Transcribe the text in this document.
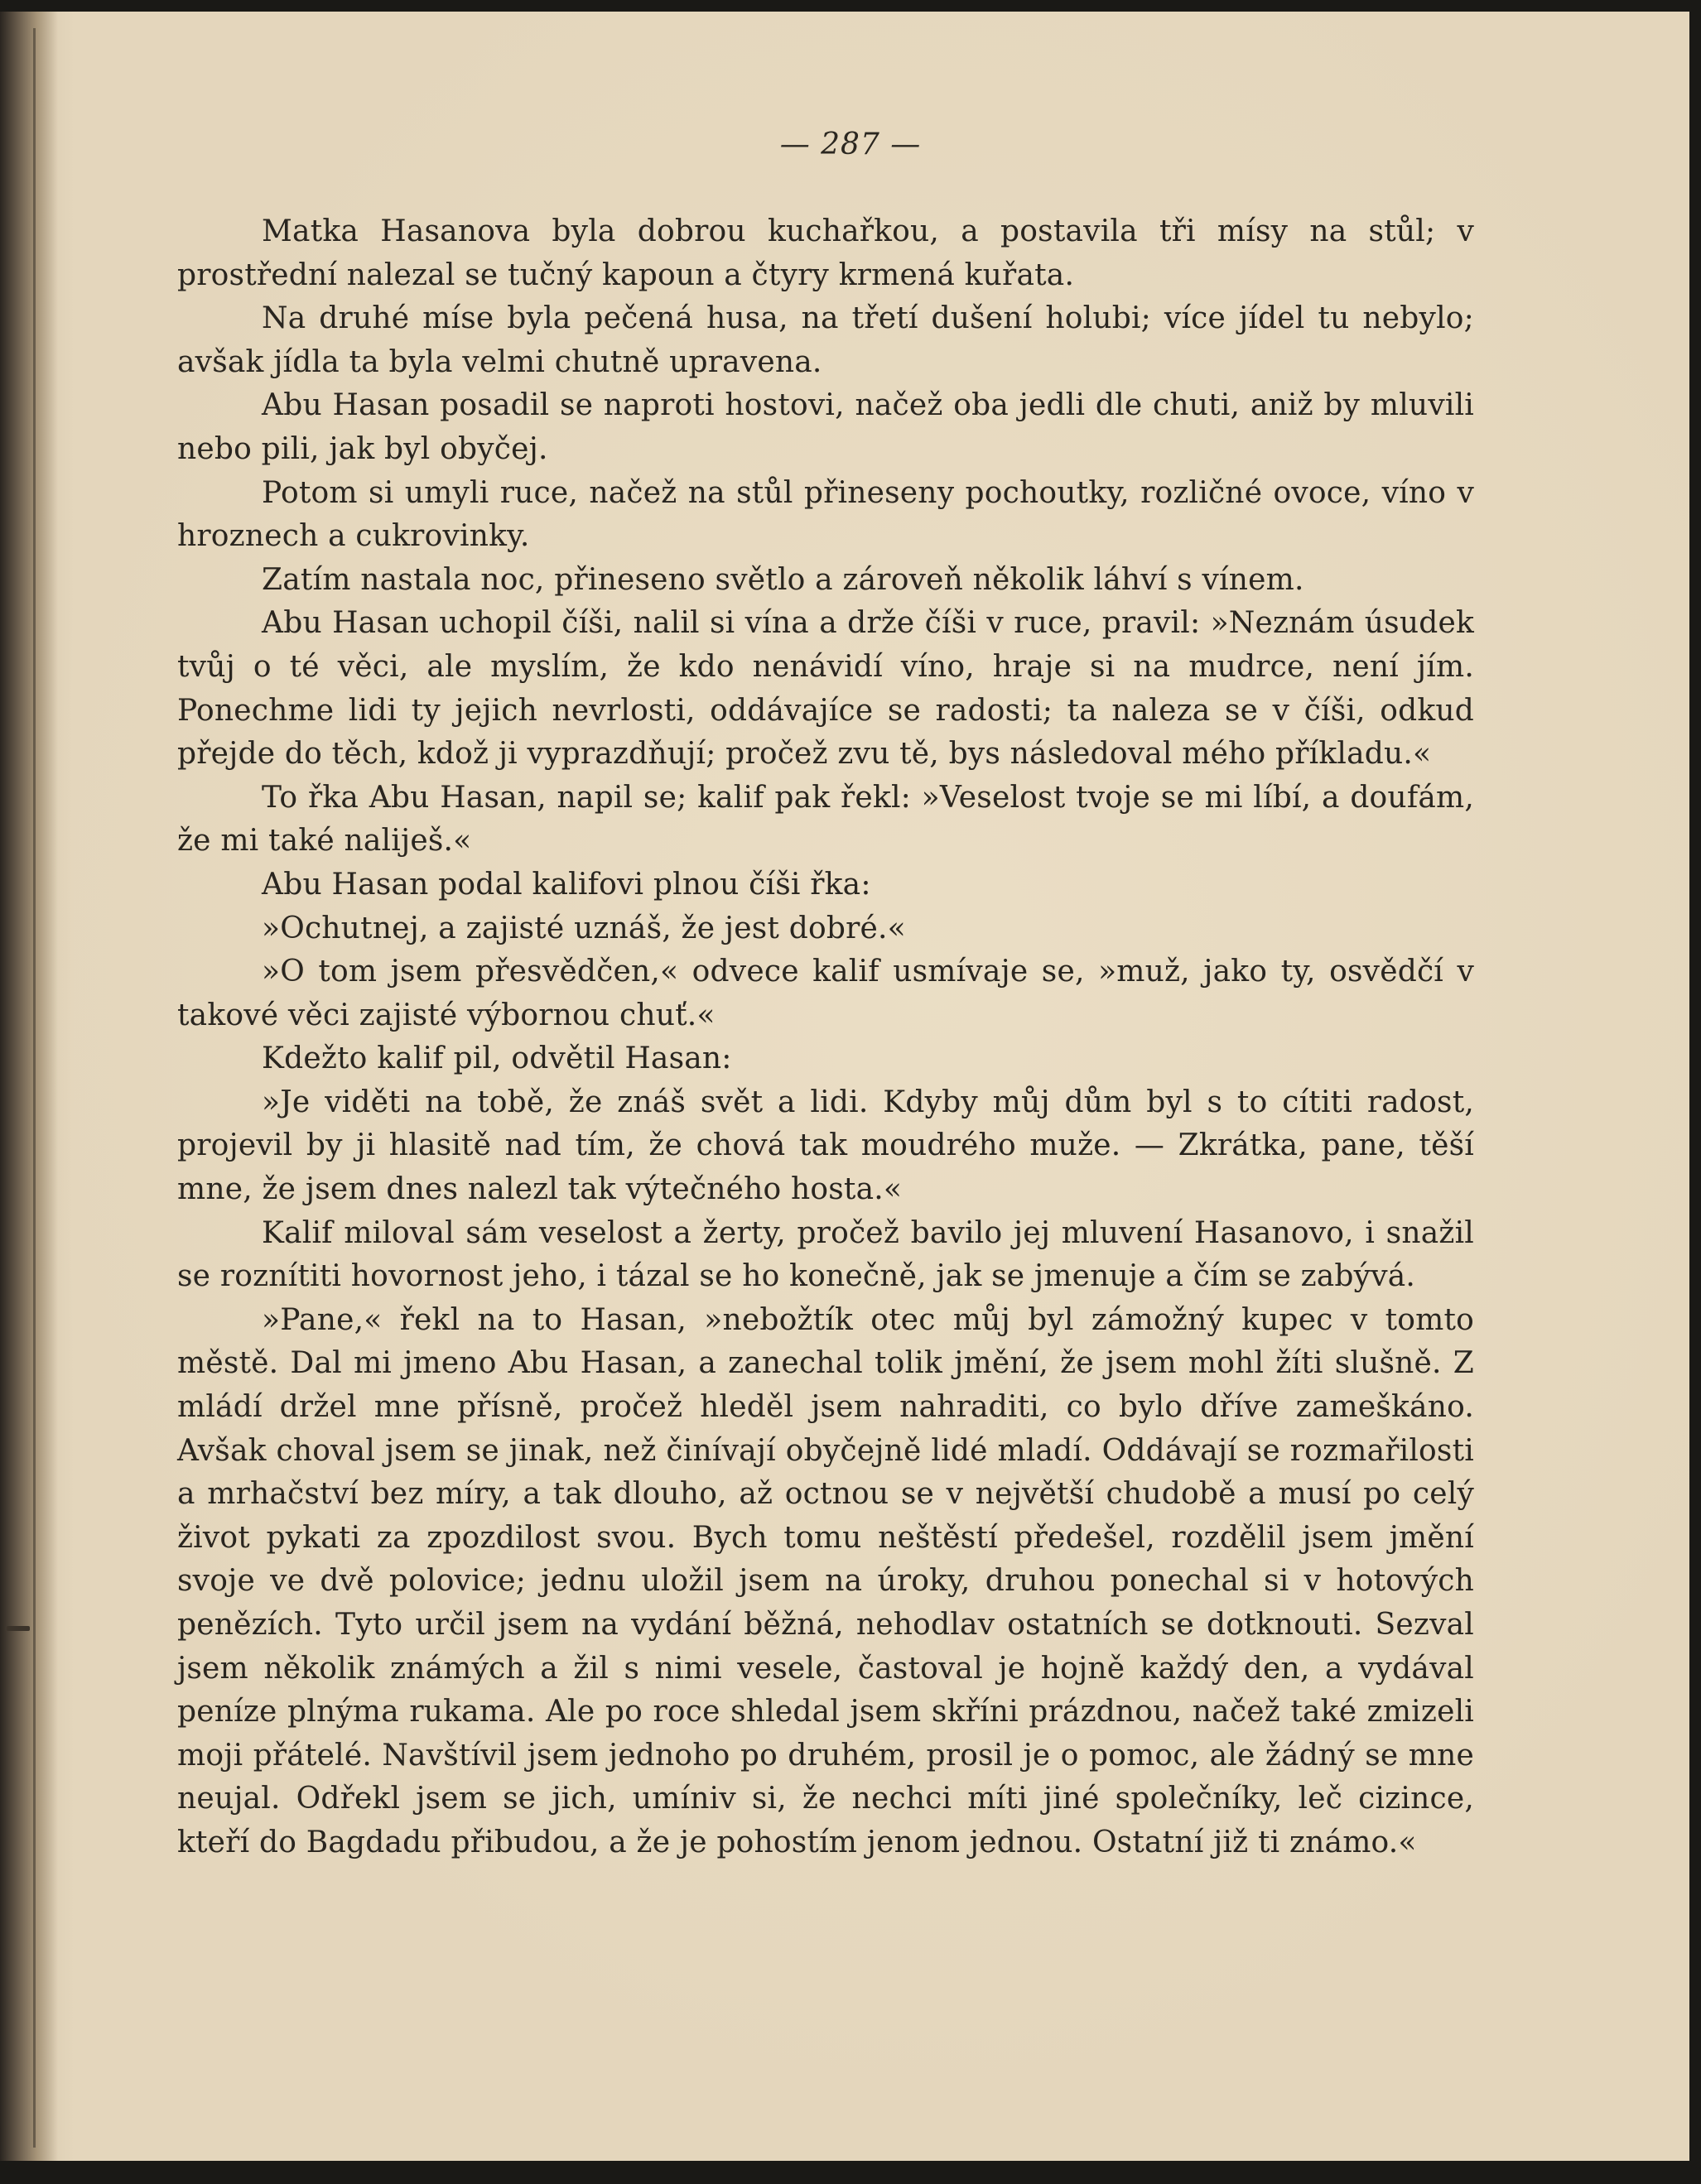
— 287 —

Matka Hasanova byla dobrou kuchařkou, a postavila tři mísy na stůl; v prostřední nalezal se tučný kapoun a čtyry krmená kuřata.

Na druhé míse byla pečená husa, na třetí dušení holubi; více jídel tu nebylo; avšak jídla ta byla velmi chutně upravena.

Abu Hasan posadil se naproti hostovi, načež oba jedli dle chuti, aniž by mluvili nebo pili, jak byl obyčej.

Potom si umyli ruce, načež na stůl přineseny pochoutky, rozličné ovoce, víno v hroznech a cukrovinky.

Zatím nastala noc, přineseno světlo a zároveň několik láhví s vínem.

Abu Hasan uchopil číši, nalil si vína a drže číši v ruce, pravil: »Neznám úsudek tvůj o té věci, ale myslím, že kdo nenávidí víno, hraje si na mudrce, není jím. Ponechme lidi ty jejich nevrlosti, oddávajíce se radosti; ta naleza se v číši, odkud přejde do těch, kdož ji vyprazdňují; pročež zvu tě, bys následoval mého příkladu.«

To řka Abu Hasan, napil se; kalif pak řekl: »Veselost tvoje se mi líbí, a doufám, že mi také naliješ.«

Abu Hasan podal kalifovi plnou číši řka:

»Ochutnej, a zajisté uznáš, že jest dobré.«

»O tom jsem přesvědčen,« odvece kalif usmívaje se, »muž, jako ty, osvědčí v takové věci zajisté výbornou chuť.«

Kdežto kalif pil, odvětil Hasan:

»Je viděti na tobě, že znáš svět a lidi. Kdyby můj dům byl s to cítiti radost, projevil by ji hlasitě nad tím, že chová tak moudrého muže. — Zkrátka, pane, těší mne, že jsem dnes nalezl tak výtečného hosta.«

Kalif miloval sám veselost a žerty, pročež bavilo jej mluvení Hasanovo, i snažil se roznítiti hovornost jeho, i tázal se ho konečně, jak se jmenuje a čím se zabývá.

»Pane,« řekl na to Hasan, »nebožtík otec můj byl zámožný kupec v tomto městě. Dal mi jmeno Abu Hasan, a zanechal tolik jmění, že jsem mohl žíti slušně. Z mládí držel mne přísně, pročež hleděl jsem nahraditi, co bylo dříve zameškáno. Avšak choval jsem se jinak, než činívají obyčejně lidé mladí. Oddávají se rozmařilosti a mrhačství bez míry, a tak dlouho, až octnou se v největší chudobě a musí po celý život pykati za zpozdilost svou. Bych tomu neštěstí předešel, rozdělil jsem jmění svoje ve dvě polovice; jednu uložil jsem na úroky, druhou ponechal si v hotových penězích. Tyto určil jsem na vydání běžná, nehodlav ostatních se dotknouti. Sezval jsem několik známých a žil s nimi vesele, častoval je hojně každý den, a vydával peníze plnýma rukama. Ale po roce shledal jsem skříni prázdnou, načež také zmizeli moji přátelé. Navštívil jsem jednoho po druhém, prosil je o pomoc, ale žádný se mne neujal. Odřekl jsem se jich, umíniv si, že nechci míti jiné společníky, leč cizince, kteří do Bagdadu přibudou, a že je pohostím jenom jednou. Ostatní již ti známo.«
